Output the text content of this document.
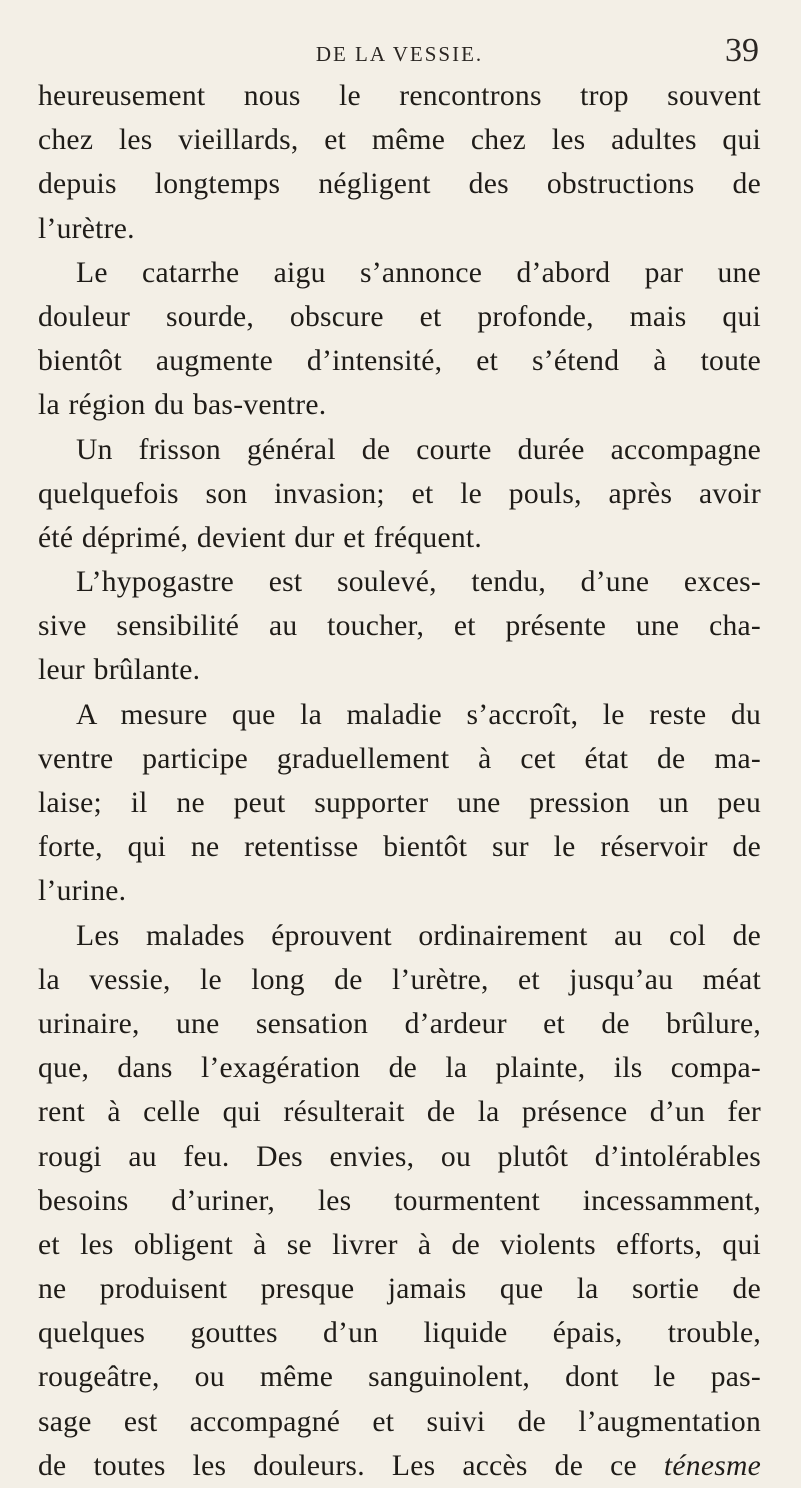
DE LA VESSIE.	39

heureusement nous le rencontrons trop souvent
chez les vieillards, et même chez les adultes qui
depuis longtemps négligent des obstructions de
l’urètre.

Le catarrhe aigu s’annonce d’abord par une
douleur sourde, obscure et profonde, mais qui
bientôt augmente d’intensité, et s’étend à toute
la région du bas-ventre.

Un frisson général de courte durée accompagne
quelquefois son invasion; et le pouls, après avoir
été déprimé, devient dur et fréquent.

L’hypogastre est soulevé, tendu, d’une exces-
sive sensibilité au toucher, et présente une cha-
leur brûlante.

A mesure que la maladie s’accroît, le reste du
ventre participe graduellement à cet état de ma-
laise; il ne peut supporter une pression un peu
forte, qui ne retentisse bientôt sur le réservoir de
l’urine.

Les malades éprouvent ordinairement au col de
la vessie, le long de l’urètre, et jusqu’au méat
urinaire, une sensation d’ardeur et de brûlure,
que, dans l’exagération de la plainte, ils compa-
rent à celle qui résulterait de la présence d’un fer
rougi au feu. Des envies, ou plutôt d’intolérables
besoins d’uriner, les tourmentent incessamment,
et les obligent à se livrer à de violents efforts, qui
ne produisent presque jamais que la sortie de
quelques gouttes d’un liquide épais, trouble,
rougeâtre, ou même sanguinolent, dont le pas-
sage est accompagné et suivi de l’augmentation
de toutes les douleurs. Les accès de ce ténesme
